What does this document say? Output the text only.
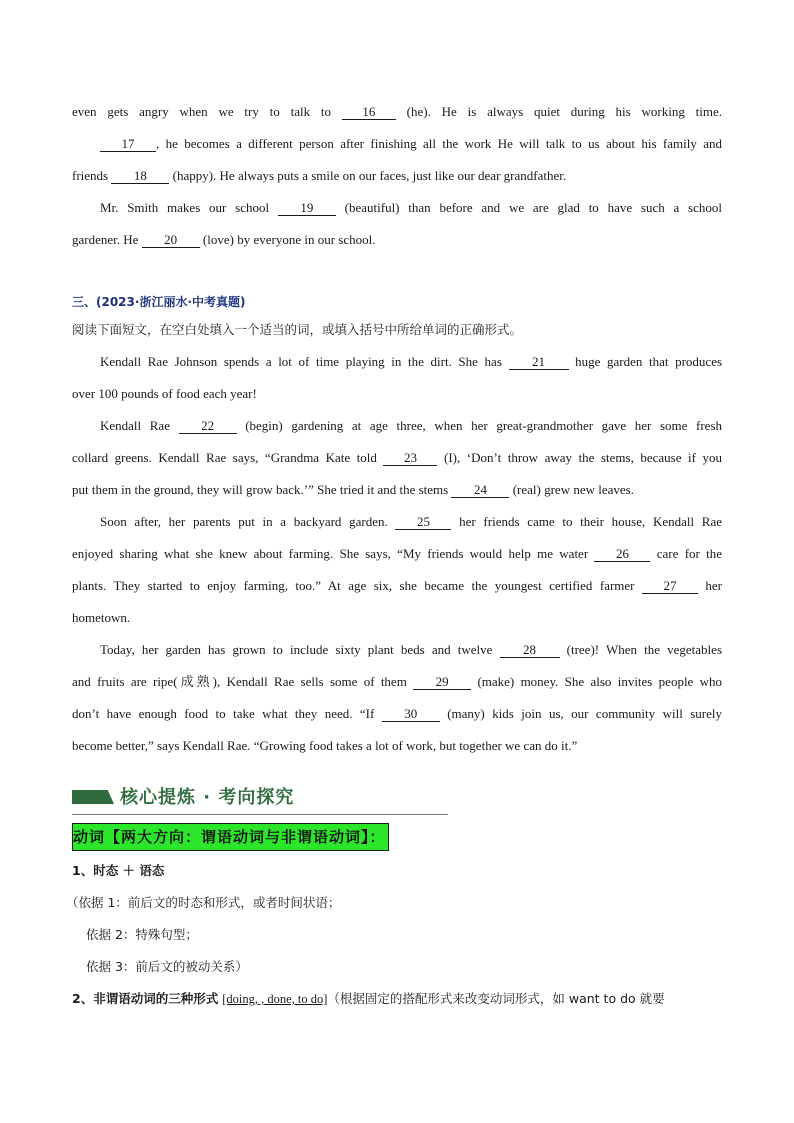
even gets angry when we try to talk to 16 (he). He is always quiet during his working time.
17 , he becomes a different person after finishing all the work He will talk to us about his family and
friends 18 (happy). He always puts a smile on our faces, just like our dear grandfather.
Mr. Smith makes our school 19 (beautiful) than before and we are glad to have such a school
gardener. He 20 (love) by everyone in our school.
三、(2023·浙江丽水·中考真题)
阅读下面短文，在空白处填入一个适当的词，或填入括号中所给单词的正确形式。
Kendall Rae Johnson spends a lot of time playing in the dirt. She has 21 huge garden that produces
over 100 pounds of food each year!
Kendall Rae 22 (begin) gardening at age three, when her great-grandmother gave her some fresh
collard greens. Kendall Rae says, “Grandma Kate told 23 (I), ‘Don’t throw away the stems, because if you
put them in the ground, they will grow back.’” She tried it and the stems 24 (real) grew new leaves.
Soon after, her parents put in a backyard garden. 25 her friends came to their house, Kendall Rae
enjoyed sharing what she knew about farming. She says, “My friends would help me water 26 care for the
plants. They started to enjoy farming, too.” At age six, she became the youngest certified farmer 27 her
hometown.
Today, her garden has grown to include sixty plant beds and twelve 28 (tree)! When the vegetables
and fruits are ripe(成熟), Kendall Rae sells some of them 29 (make) money. She also invites people who
don’t have enough food to take what they need. “If 30 (many) kids join us, our community will surely
become better,” says Kendall Rae. “Growing food takes a lot of work, but together we can do it.”
核心提炼 · 考向探究
动词【两大方向：谓语动词与非谓语动词】：
1、时态 ＋ 语态
（依据 1：前后文的时态和形式，或者时间状语；
依据 2：特殊句型；
依据 3：前后文的被动关系）
2、非谓语动词的三种形式 [doing, , done, to do]（根据固定的搭配形式来改变动词形式，如 want to do 就要
